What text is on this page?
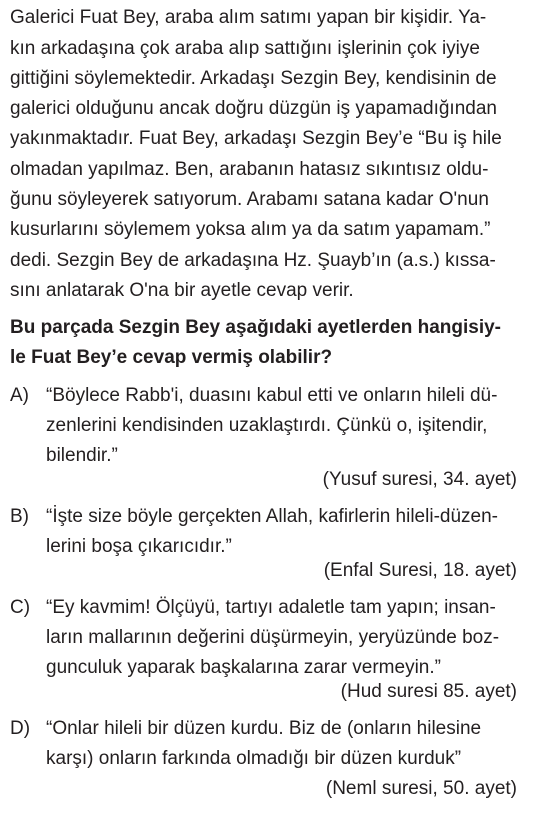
Galerici Fuat Bey, araba alım satımı yapan bir kişidir. Ya-
kın arkadaşına çok araba alıp sattığını işlerinin çok iyiye
gittiğini söylemektedir. Arkadaşı Sezgin Bey, kendisinin de
galerici olduğunu ancak doğru düzgün iş yapamadığından
yakınmaktadır. Fuat Bey, arkadaşı Sezgin Bey’e “Bu iş hile
olmadan yapılmaz. Ben, arabanın hatasız sıkıntısız oldu-
ğunu söyleyerek satıyorum. Arabamı satana kadar O'nun
kusurlarını söylemem yoksa alım ya da satım yapamam.”
dedi. Sezgin Bey de arkadaşına Hz. Şuayb’ın (a.s.) kıssa-
sını anlatarak O'na bir ayetle cevap verir.
Bu parçada Sezgin Bey aşağıdaki ayetlerden hangisiy-
le Fuat Bey’e cevap vermiş olabilir?
A) “Böylece Rabb'i, duasını kabul etti ve onların hileli dü-
zenlerini kendisinden uzaklaştırdı. Çünkü o, işitendir,
bilendir.”
(Yusuf suresi, 34. ayet)
B) “İşte size böyle gerçekten Allah, kafirlerin hileli-düzen-
lerini boşa çıkarıcıdır.”
(Enfal Suresi, 18. ayet)
C) “Ey kavmim! Ölçüyü, tartıyı adaletle tam yapın; insan-
ların mallarının değerini düşürmeyin, yeryüzünde boz-
gunculuk yaparak başkalarına zarar vermeyin.”
(Hud suresi 85. ayet)
D) “Onlar hileli bir düzen kurdu. Biz de (onların hilesine
karşı) onların farkında olmadığı bir düzen kurduk”
(Neml suresi, 50. ayet)
